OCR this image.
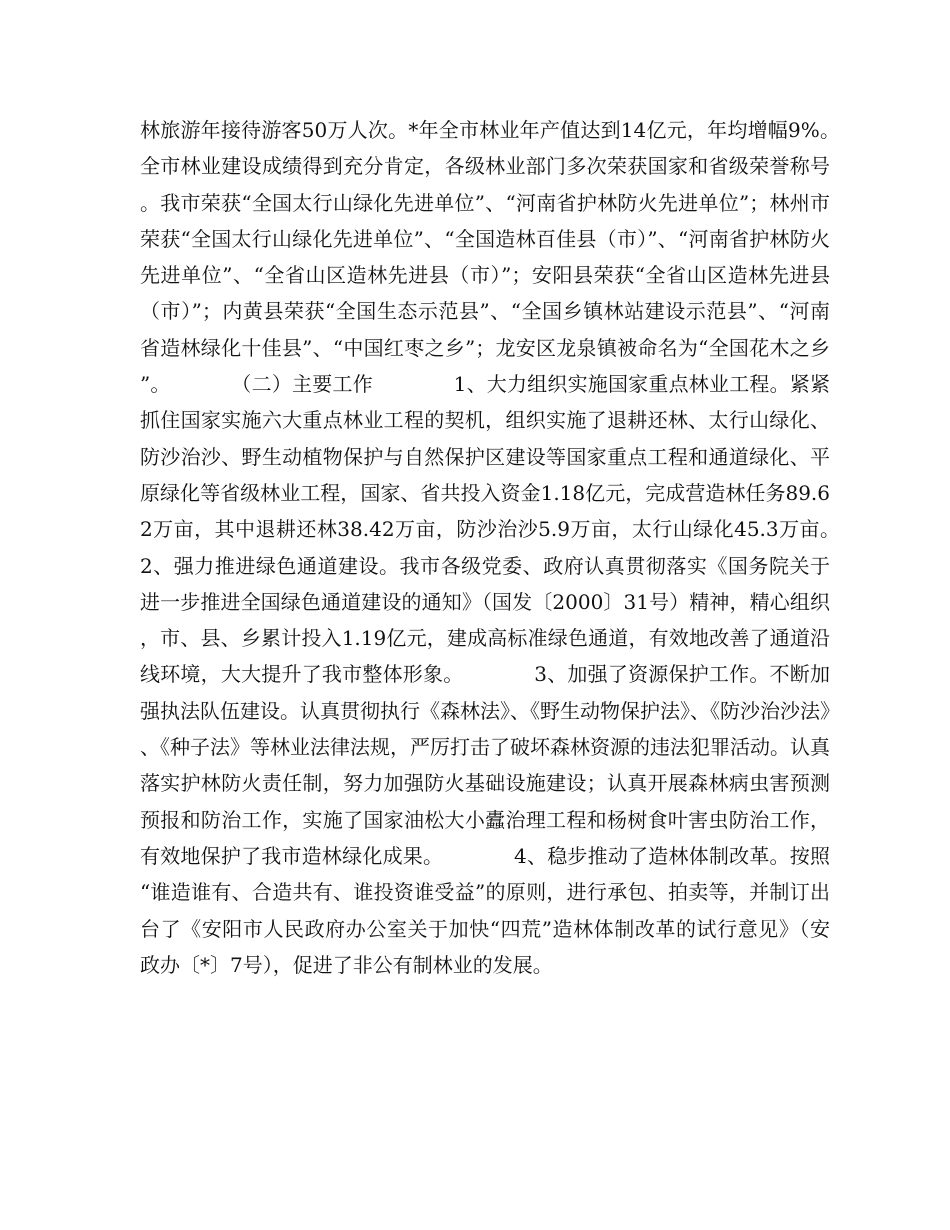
林旅游年接待游客50万人次。*年全市林业年产值达到14亿元，年均增幅9%。　　　　全市林业建设成绩得到充分肯定，各级林业部门多次荣获国家和省级荣誉称号。我市荣获“全国太行山绿化先进单位”、“河南省护林防火先进单位”；林州市荣获“全国太行山绿化先进单位”、“全国造林百佳县（市）”、“河南省护林防火先进单位”、“全省山区造林先进县（市）”；安阳县荣获“全省山区造林先进县（市）”；内黄县荣获“全国生态示范县”、“全国乡镇林站建设示范县”、“河南省造林绿化十佳县”、“中国红枣之乡”；龙安区龙泉镇被命名为“全国花木之乡”。　　　　（二）主要工作　　　　1、大力组织实施国家重点林业工程。紧紧抓住国家实施六大重点林业工程的契机，组织实施了退耕还林、太行山绿化、防沙治沙、野生动植物保护与自然保护区建设等国家重点工程和通道绿化、平原绿化等省级林业工程，国家、省共投入资金1.18亿元，完成营造林任务89.62万亩，其中退耕还林38.42万亩，防沙治沙5.9万亩，太行山绿化45.3万亩。　　　　2、强力推进绿色通道建设。我市各级党委、政府认真贯彻落实《国务院关于进一步推进全国绿色通道建设的通知》（国发〔2000〕31号）精神，精心组织，市、县、乡累计投入1.19亿元，建成高标准绿色通道，有效地改善了通道沿线环境，大大提升了我市整体形象。　　　　3、加强了资源保护工作。不断加强执法队伍建设。认真贯彻执行《森林法》、《野生动物保护法》、《防沙治沙法》、《种子法》等林业法律法规，严厉打击了破坏森林资源的违法犯罪活动。认真落实护林防火责任制，努力加强防火基础设施建设；认真开展森林病虫害预测预报和防治工作，实施了国家油松大小蠹治理工程和杨树食叶害虫防治工作，有效地保护了我市造林绿化成果。　　　　4、稳步推动了造林体制改革。按照“谁造谁有、合造共有、谁投资谁受益”的原则，进行承包、拍卖等，并制订出台了《安阳市人民政府办公室关于加快“四荒”造林体制改革的试行意见》（安政办〔*〕7号），促进了非公有制林业的发展。
